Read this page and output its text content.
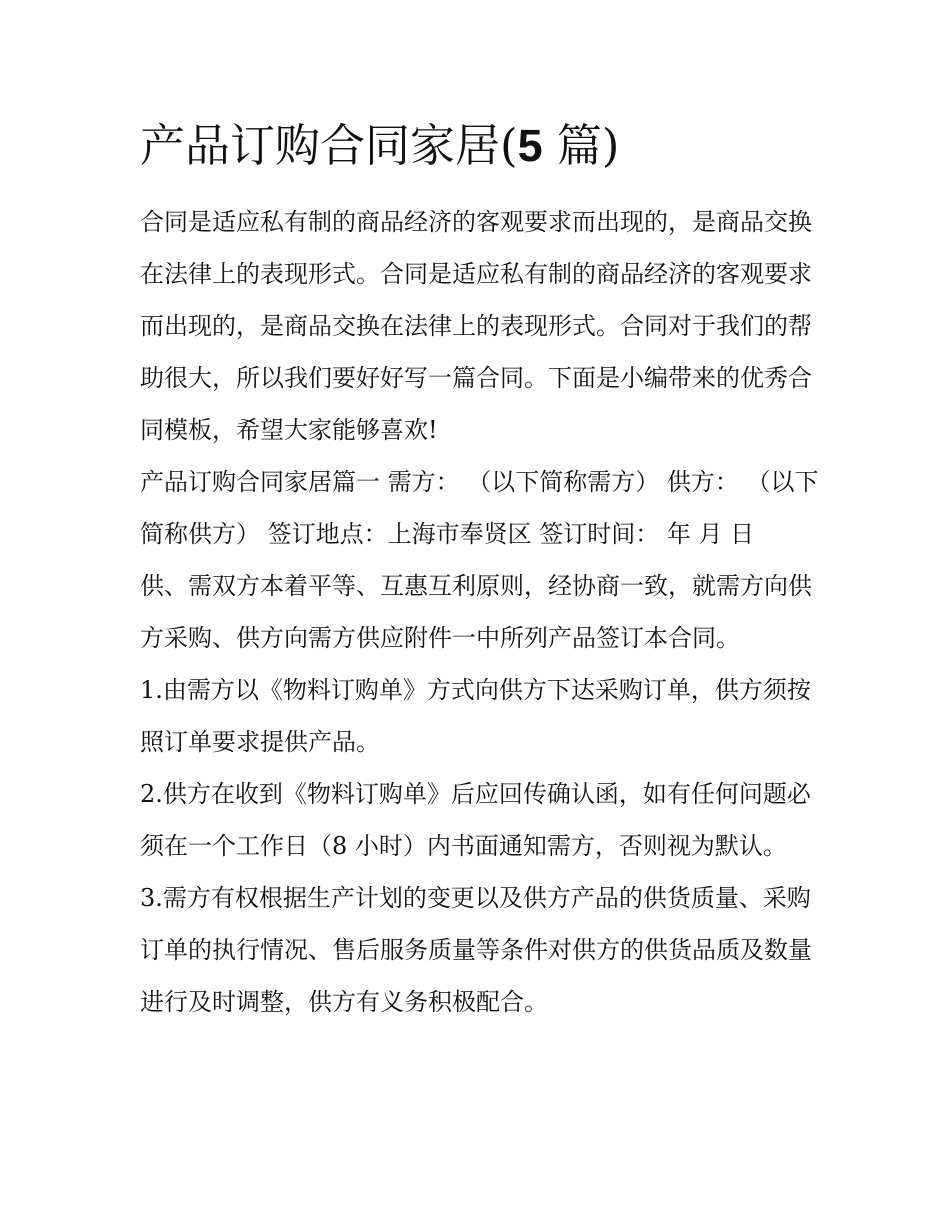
产品订购合同家居(5 篇)

合同是适应私有制的商品经济的客观要求而出现的，是商品交换在法律上的表现形式。合同是适应私有制的商品经济的客观要求而出现的，是商品交换在法律上的表现形式。合同对于我们的帮助很大，所以我们要好好写一篇合同。下面是小编带来的优秀合同模板，希望大家能够喜欢!

产品订购合同家居篇一 需方： （以下简称需方） 供方： （以下简称供方） 签订地点：上海市奉贤区 签订时间： 年 月 日

供、需双方本着平等、互惠互利原则，经协商一致，就需方向供方采购、供方向需方供应附件一中所列产品签订本合同。

1.由需方以《物料订购单》方式向供方下达采购订单，供方须按照订单要求提供产品。

2.供方在收到《物料订购单》后应回传确认函，如有任何问题必须在一个工作日（8 小时）内书面通知需方，否则视为默认。

3.需方有权根据生产计划的变更以及供方产品的供货质量、采购订单的执行情况、售后服务质量等条件对供方的供货品质及数量进行及时调整，供方有义务积极配合。
